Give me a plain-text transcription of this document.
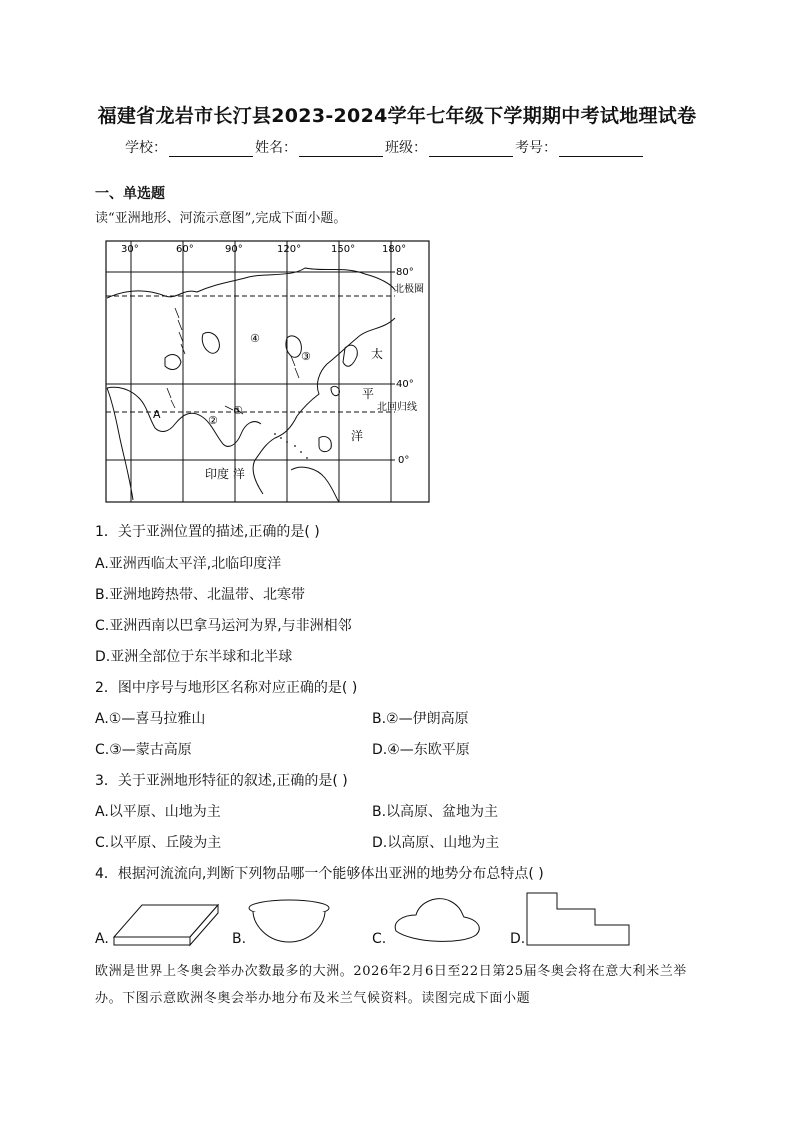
福建省龙岩市长汀县2023-2024学年七年级下学期期中考试地理试卷
学校：	姓名：	班级：	考号：
一、单选题
读“亚洲地形、河流示意图”,完成下面小题。
30°	60°	90°	120°	150°	180°
80°
北极圈
40°
北回归线
0°
④
③
②
①
A
太
平
洋
印度 洋
1．关于亚洲位置的描述,正确的是( )
A.亚洲西临太平洋,北临印度洋
B.亚洲地跨热带、北温带、北寒带
C.亚洲西南以巴拿马运河为界,与非洲相邻
D.亚洲全部位于东半球和北半球
2．图中序号与地形区名称对应正确的是( )
A.①—喜马拉雅山	B.②—伊朗高原
C.③—蒙古高原	D.④—东欧平原
3．关于亚洲地形特征的叙述,正确的是( )
A.以平原、山地为主	B.以高原、盆地为主
C.以平原、丘陵为主	D.以高原、山地为主
4．根据河流流向,判断下列物品哪一个能够体出亚洲的地势分布总特点( )
A.	B.	C.	D.
欧洲是世界上冬奥会举办次数最多的大洲。2026年2月6日至22日第25届冬奥会将在意大利米兰举办。下图示意欧洲冬奥会举办地分布及米兰气候资料。读图完成下面小题
